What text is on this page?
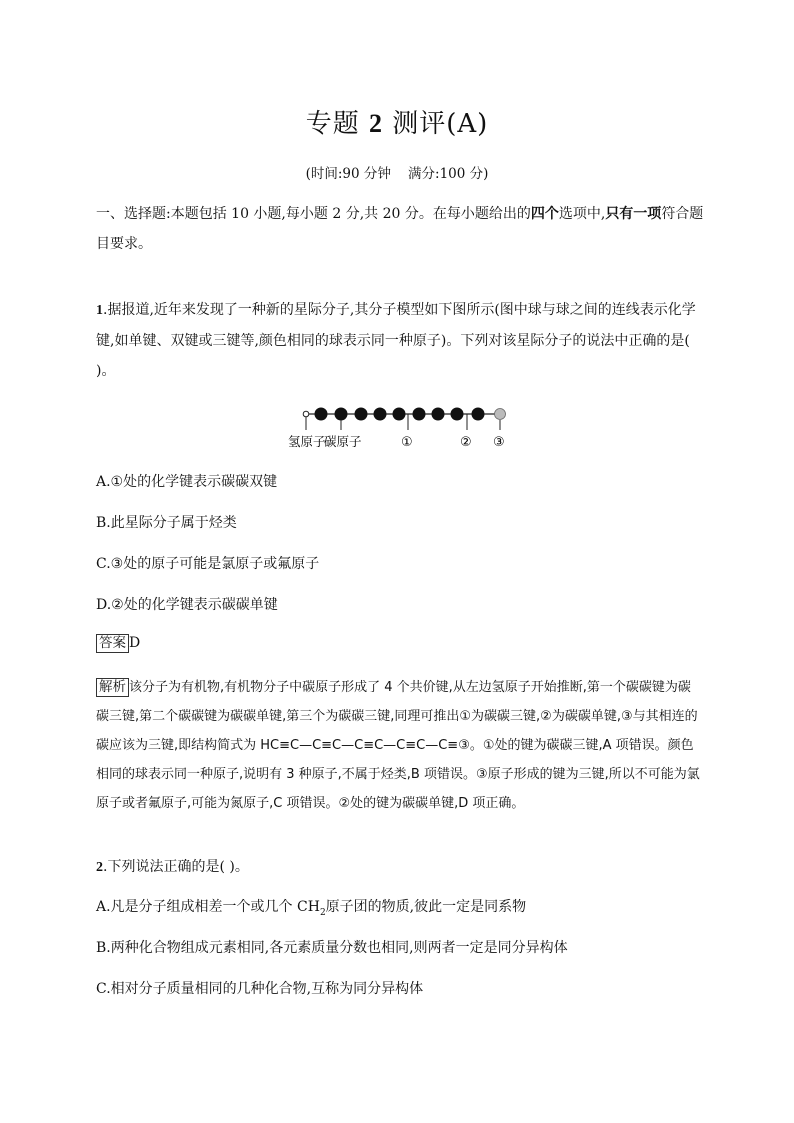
专题 2 测评(A)
(时间:90 分钟    满分:100 分)
一、选择题:本题包括 10 小题,每小题 2 分,共 20 分。在每小题给出的四个选项中,只有一项符合题目要求。
1.据报道,近年来发现了一种新的星际分子,其分子模型如下图所示(图中球与球之间的连线表示化学键,如单键、双键或三键等,颜色相同的球表示同一种原子)。下列对该星际分子的说法中正确的是( )。
氢原子
碳原子	①	② ③
A.①处的化学键表示碳碳双键
B.此星际分子属于烃类
C.③处的原子可能是氯原子或氟原子
D.②处的化学键表示碳碳单键
答案 D
解析 该分子为有机物,有机物分子中碳原子形成了 4 个共价键,从左边氢原子开始推断,第一个碳碳键为碳碳三键,第二个碳碳键为碳碳单键,第三个为碳碳三键,同理可推出①为碳碳三键,②为碳碳单键,③与其相连的碳应该为三键,即结构简式为 HC≡C—C≡C—C≡C—C≡C—C≡③。①处的键为碳碳三键,A 项错误。颜色相同的球表示同一种原子,说明有 3 种原子,不属于烃类,B 项错误。③原子形成的键为三键,所以不可能为氯原子或者氟原子,可能为氮原子,C 项错误。②处的键为碳碳单键,D 项正确。
2.下列说法正确的是( )。
A.凡是分子组成相差一个或几个 $CH_2$原子团的物质,彼此一定是同系物
B.两种化合物组成元素相同,各元素质量分数也相同,则两者一定是同分异构体
C.相对分子质量相同的几种化合物,互称为同分异构体
